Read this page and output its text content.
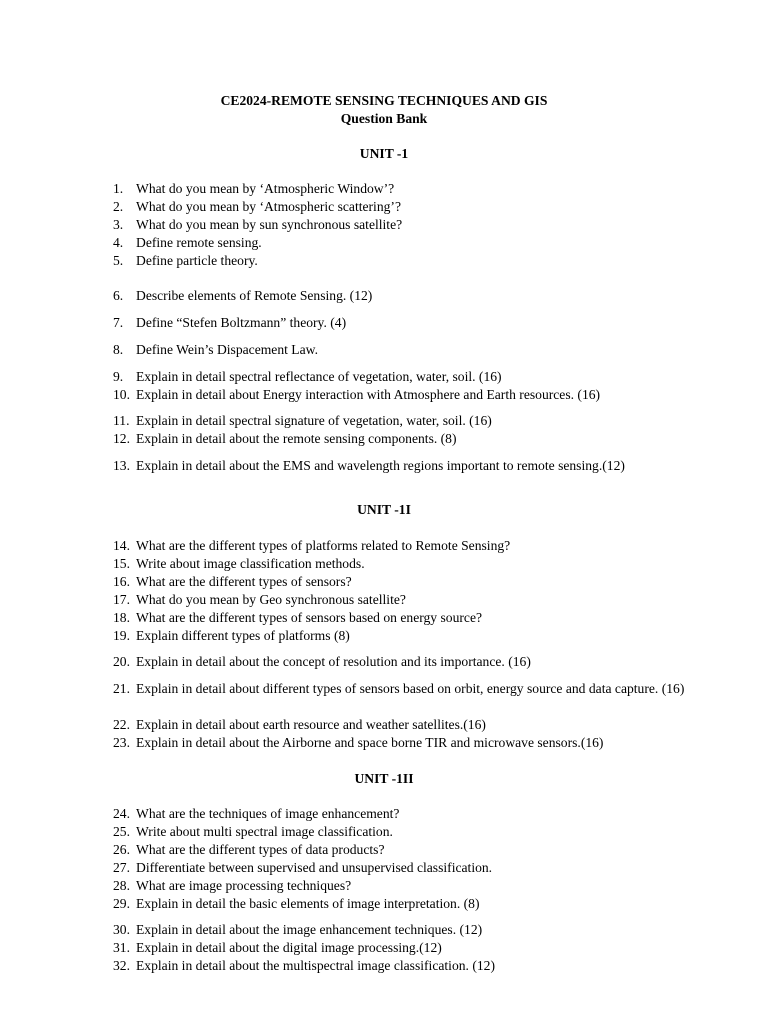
CE2024-REMOTE SENSING TECHNIQUES AND GIS
Question Bank
UNIT -1
1. What do you mean by ‘Atmospheric Window’?
2. What do you mean by ‘Atmospheric scattering’?
3. What do you mean by sun synchronous satellite?
4. Define remote sensing.
5. Define particle theory.
6. Describe elements of Remote Sensing. (12)
7. Define “Stefen Boltzmann” theory. (4)
8. Define Wein’s Dispacement Law.
9. Explain in detail spectral reflectance of vegetation, water, soil. (16)
10. Explain in detail about Energy interaction with Atmosphere and Earth resources. (16)
11. Explain in detail spectral signature of vegetation, water, soil. (16)
12. Explain in detail about the remote sensing components. (8)
13. Explain in detail about the EMS and wavelength regions important to remote sensing.(12)
UNIT -1I
14. What are the different types of platforms related to Remote Sensing?
15. Write about image classification methods.
16. What are the different types of sensors?
17. What do you mean by Geo synchronous satellite?
18. What are the different types of sensors based on energy source?
19. Explain different types of platforms (8)
20. Explain in detail about the concept of resolution and its importance. (16)
21. Explain in detail about different types of sensors based on orbit, energy source and data capture. (16)
22. Explain in detail about earth resource and weather satellites.(16)
23. Explain in detail about the Airborne and space borne TIR and microwave sensors.(16)
UNIT -1II
24. What are the techniques of image enhancement?
25. Write about multi spectral image classification.
26. What are the different types of data products?
27. Differentiate between supervised and unsupervised classification.
28. What are image processing techniques?
29. Explain in detail the basic elements of image interpretation. (8)
30. Explain in detail about the image enhancement techniques. (12)
31. Explain in detail about the digital image processing.(12)
32. Explain in detail about the multispectral image classification. (12)
